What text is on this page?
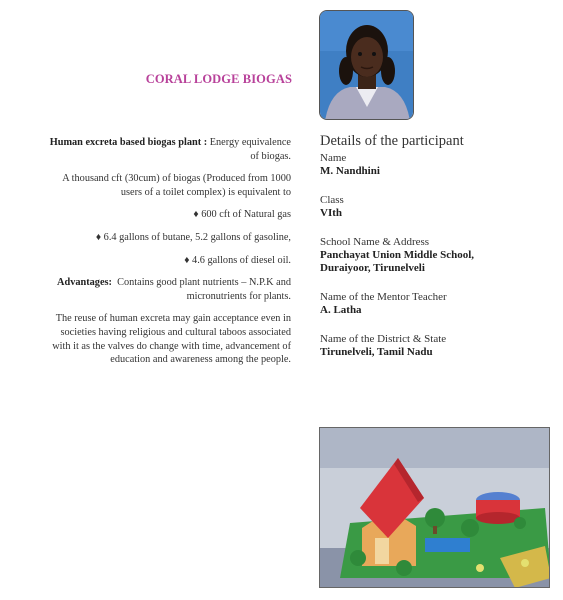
CORAL LODGE BIOGAS

Human excreta based biogas plant : Energy equivalence
of biogas.

A thousand cft (30cum) of biogas (Produced from 1000
users of a toilet complex) is equivalent to

♦ 600 cft of Natural gas

♦ 6.4 gallons of butane, 5.2 gallons of gasoline,

♦ 4.6 gallons of diesel oil.

Advantages:  Contains good plant nutrients – N.P.K and
micronutrients for plants.

The reuse of human excreta may gain acceptance even in
societies having religious and cultural taboos associated
with it as the valves do change with time, advancement of
education and awareness among the people.

Details of the participant
Name
M. Nandhini
Class
VIth
School Name & Address
Panchayat Union Middle School,
Duraiyoor, Tirunelveli
Name of the Mentor Teacher
A. Latha
Name of the District & State
Tirunelveli, Tamil Nadu
